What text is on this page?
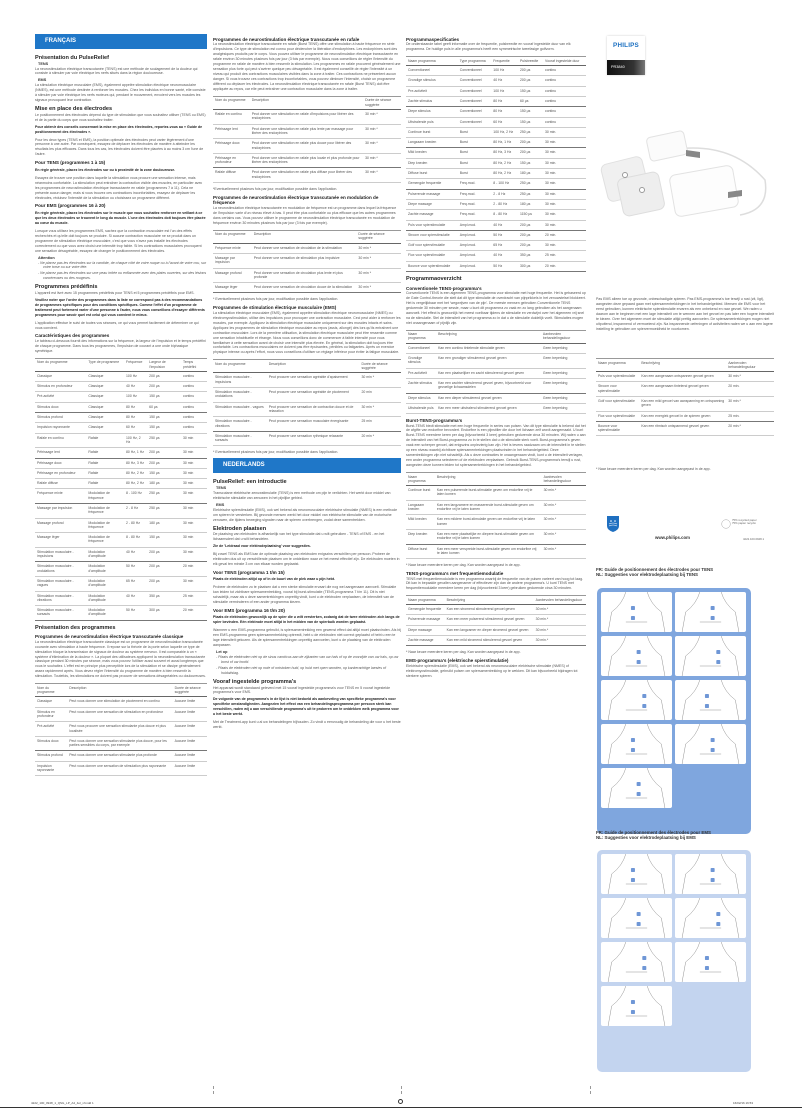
FRANÇAIS
Présentation du PulseRelief
TENS
La neurostimulation électrique transcutanée (TENS) est une méthode de soulagement de la douleur qui consiste à stimuler par voie électrique les nerfs situés dans la région douloureuse.
EMS
La stimulation électrique musculaire (EMS), également appelée stimulation électrique neuromusculaire (NMES), est une méthode destinée à renforcer les muscles. Chez les individus en bonne santé, elle consiste à stimuler par voie électrique les nerfs moteurs qui, pendant le mouvement, envoient vers les muscles les signaux provoquant leur contraction.
Mise en place des électrodes
Le positionnement des électrodes dépend du type de stimulation que vous souhaitez utiliser (TENS ou EMS) et de la partie du corps que vous souhaitez traiter.
Pour obtenir des conseils concernant la mise en place des électrodes, reportez-vous au « Guide de positionnement des électrodes ».
Pour les deux types (TENS et EMS), la position optimale des électrodes peut varier légèrement d'une personne à une autre. Par conséquent, essayez de déplacer les électrodes de manière à atteindre les résultats les plus efficaces. Dans tous les cas, les électrodes doivent être placées à au moins 3 cm l'une de l'autre.
Pour TENS (programmes 1 à 15)
En règle générale, placez les électrodes sur ou à proximité de la zone douloureuse.
Essayez de trouver une position dans laquelle la stimulation vous procure une sensation intense, mais néanmoins confortable. La stimulation peut entraîner la contraction visible des muscles, en particulier avec les programmes de neurostimulation électrique transcutanée en rafale (programmes 7 à 11). Cela ne présente aucun danger, mais si vous trouvez ces contractions inconfortables, essayez de déplacer les électrodes, réduisez l'intensité de la stimulation ou choisissez un programme différent.
Pour EMS (programmes 16 à 20)
En règle générale, placez les électrodes sur le muscle que vous souhaitez renforcer en veillant à ce que les deux électrodes se trouvent le long du muscle. L'une des électrodes doit toujours être placée au cœur du muscle.
Lorsque vous utilisez les programmes EMS, sachez que la contraction musculaire est l'un des effets recherchés et qu'elle doit toujours se produire. Si aucune contraction musculaire ne se produit dans un programme de stimulation électrique musculaire, c'est que vous n'avez pas installé les électrodes correctement ou que vous avez choisi une intensité trop faible. Si les contractions musculaires provoquent une sensation désagréable, essayez de changer le positionnement des électrodes.
Attention
- Ne placez pas les électrodes sur la carotide, de chaque côté de votre nuque ou à l'avant de votre cou, sur votre torse ou sur votre tête.
- Ne placez pas les électrodes sur une peau irritée ou enflammée avec des plaies ouvertes, sur des lésions cancéreuses ou des rougeurs.
Programmes prédéfinis
L'appareil est livré avec 15 programmes prédéfinis pour TENS et 5 programmes prédéfinis pour EMS.
Veuillez noter que l'ordre des programmes dans la liste ne correspond pas à des recommandations de programmes spécifiques pour des conditions spécifiques. Comme l'effet d'un programme de traitement peut fortement varier d'une personne à l'autre, nous vous conseillons d'essayer différents programmes pour savoir quel est celui qui vous convient le mieux.
L'application effectue le suivi de toutes vos séances, ce qui vous permet facilement de déterminer ce qui vous convient.
Caractéristiques des programmes
Le tableau ci-dessous fournit des informations sur la fréquence, la largeur de l'impulsion et le temps prédéfini de chaque programme. Dans tous les programmes, l'impulsion de courant a une onde biphasique symétrique.
Nom du programme	Type de programme	Fréquence	Largeur de l'impulsion	Temps prédéfini
Classique	Classique	100 Hz	200 µs	continu
Stimulus en profondeur	Classique	40 Hz	200 µs	continu
Pré-activité	Classique	100 Hz	150 µs	continu
Stimulus doux	Classique	80 Hz	60 µs	continu
Stimulus profond	Classique	80 Hz	150 µs	continu
Impulsion rayonnante	Classique	60 Hz	150 µs	continu
Rafale en continu	Rafale	100 Hz, 2 Hz	250 µs	30 min
Pétrissage lent	Rafale	80 Hz, 1 Hz	200 µs	30 min
Pétrissage doux	Rafale	80 Hz, 3 Hz	200 µs	30 min
Pétrissage en profondeur	Rafale	80 Hz, 2 Hz	150 µs	30 min
Rafale diffuse	Rafale	80 Hz, 2 Hz	180 µs	30 min
Fréquence mixte	Modulation de fréquence	8 - 100 Hz	250 µs	30 min
Massage par impulsion	Modulation de fréquence	2 - 8 Hz	250 µs	30 min
Massage profond	Modulation de fréquence	2 - 80 Hz	180 µs	30 min
Massage léger	Modulation de fréquence	8 - 80 Hz	150 µs	30 min
Stimulation musculaire - impulsions	Modulation d'amplitude	40 Hz	200 µs	30 min
Stimulation musculaire - ondulations	Modulation d'amplitude	50 Hz	200 µs	20 min
Stimulation musculaire - vagues	Modulation d'amplitude	65 Hz	200 µs	30 min
Stimulation musculaire - vibrations	Modulation d'amplitude	40 Hz	350 µs	25 min
Stimulation musculaire - sursauts	Modulation d'amplitude	50 Hz	300 µs	20 min
Présentation des programmes
Programmes de neurostimulation électrique transcutanée classique
La neurostimulation électrique transcutanée classique est un programme de neurostimulation transcutanée courante avec stimulation à haute fréquence. Il repose sur la théorie de la porte selon laquelle ce type de stimulation bloque la transmission de signaux de douleur au système nerveux. Il est comparable à un « système d'élimination de la douleur ». La plupart des utilisateurs appliquent la neurostimulation transcutanée classique pendant 30 minutes par séance, mais vous pouvez l'utiliser aussi souvent et aussi longtemps que vous le souhaitez. L'effet est en principe plus perceptible lors de la stimulation et se dissipe généralement assez rapidement après. Vous devez régler l'intensité du programme de manière à bien ressentir la stimulation. Toutefois, les stimulations ne doivent pas procurer de sensations désagréables ou douloureuses.
Nom du programme	Description	Durée de séance suggérée
Classique	Peut vous donner une stimulation de picotement en continu	Aucune limite
Stimulus en profondeur	Peut vous donner une sensation de stimulation en profondeur	Aucune limite
Pré-activité	Peut vous procurer une sensation stimulante plus douce et plus localisée	Aucune limite
Stimulus doux	Peut vous donner une sensation stimulante plus douce, pour les parties sensibles du corps, par exemple	Aucune limite
Stimulus profond	Peut vous donner une sensation stimulante plus profonde	Aucune limite
Impulsion rayonnante	Peut vous donner une sensation de stimulation plus rayonnante	Aucune limite
Programmes de neurostimulation électrique transcutanée en rafale
La neurostimulation électrique transcutanée en rafale (Burst TENS) offre une stimulation à haute fréquence en série d'impulsions. Ce type de stimulation est connu pour déclencher la libération d'endorphines. Les endorphines sont des analgésiques produits par le corps. Vous pouvez utiliser le programme de neurostimulation électrique transcutanée en rafale environ 30 minutes plusieurs fois par jour (3 fois par exemple). Nous vous conseillons de régler l'intensité du programme en rafale de manière à bien ressentir la stimulation. Les programmes en rafale procurent généralement une sensation plus forte qui peut s'avérer quelque peu désagréable. Il est également conseillé de régler l'intensité à un niveau qui produit des contractions musculaires visibles dans la zone à traiter. Ces contractions ne présentent aucun danger. Si vous trouvez ces contractions trop inconfortables, vous pouvez diminuer l'intensité, choisir un programme différent ou déplacer les électrodes. La neurostimulation électrique transcutanée en rafale (Burst TENS) doit être appliquée au repos, car elle peut entraîner une contraction musculaire dans la zone à traiter.
Nom du programme	Description	Durée de séance suggérée
Rafale en continu	Peut donner une stimulation en rafale d'impulsions pour libérer des endorphines	30 min *
Pétrissage lent	Peut donner une stimulation en rafale plus lente par massage pour libérer des endorphines	30 min *
Pétrissage doux	Peut donner une stimulation en rafale plus douce pour libérer des endorphines	30 min *
Pétrissage en profondeur	Peut donner une stimulation en rafale plus locale et plus profonde pour libérer des endorphines	30 min *
Rafale diffuse	Peut donner une stimulation en rafale plus diffuse pour libérer des endorphines	30 min *
*Eventuellement plusieurs fois par jour, modification possible dans l'application.
Programmes de neurostimulation électrique transcutanée en modulation de fréquence
La neurostimulation électrique transcutanée en modulation de fréquence est un programme dans lequel la fréquence de l'impulsion varie d'un niveau élevé à bas. Il peut être plus confortable ou plus efficace que les autres programmes dans certains cas. Vous pouvez utiliser le programme de neurostimulation électrique transcutanée en modulation de fréquence environ 30 minutes plusieurs fois par jour (3 fois par exemple).
Nom du programme	Description	Durée de séance suggérée
Fréquence mixte	Peut donner une sensation de circulation de la stimulation	30 min *
Massage par impulsion	Peut donner une sensation de stimulation plus impulsive	30 min *
Massage profond	Peut donner une sensation de circulation plus lente et plus profonde	30 min *
Massage léger	Peut donner une sensation de circulation douce de la stimulation	30 min *
* Eventuellement plusieurs fois par jour, modification possible dans l'application.
Programmes de stimulation électrique musculaire (EMS)
La stimulation électrique musculaire (EMS), également appelée stimulation électrique neuromusculaire (NMES) ou électromyostimulation, utilise des impulsions pour provoquer une contraction musculaire. Ceci peut aider à renforcer les muscles, par exemple. Appliquez la stimulation électrique musculaire uniquement sur des muscles intacts et sains. Appliquez les programmes de stimulation électrique musculaire au repos (assis, allongé) dès lors qu'ils entraînent une contraction musculaire. Lors de la première utilisation, la stimulation électrique musculaire peut être ressentie comme une sensation inhabituelle et étrange. Nous vous conseillons donc de commencer à faible intensité pour vous familiariser à cette sensation avant de choisir une intensité plus élevée. En général, la stimulation doit toujours être confortable. Les contractions musculaires ne doivent pas être épuisantes, pénibles ou fatigantes. Après un exercice physique intense ou après l'effort, nous vous conseillons d'utiliser un réglage inférieur pour éviter la fatigue musculaire.
Nom du programme	Description	Durée de séance suggérée
Stimulation musculaire - impulsions	Peut procurer une sensation agréable d'apaisement	30 min *
Stimulation musculaire - ondulations	Peut procurer une sensation agréable de picotement	20 min
Stimulation musculaire - vagues	Peut procurer une sensation de contraction douce et de relaxation	30 min *
Stimulation musculaire - vibrations	Peut procurer une sensation musculaire énergisante	25 min
Stimulation musculaire - sursauts	Peut procurer une sensation rythmique relaxante	20 min *
* Eventuellement plusieurs fois par jour, modification possible dans l'application.
NEDERLANDS
PulseRelief: een introductie
TENS
Transcutane elektrische zenuwstimulatie (TENS) is een methode om pijn te verlichten. Het werkt door middel van elektrische stimulatie van zenuwen in het pijnlijke gebied.
EMS
Elektrische spierstimulatie (EMS), ook wel bekend als neuromusculaire elektrische stimulatie (NMES) is een methode om spieren te versterken. Bij gezonde mensen werkt het door middel van elektrische stimulatie van de motorische zenuwen, die tijdens beweging signalen naar de spieren overbrengen, zodat deze samentrekken.
Elektroden plaatsen
De plaatsing van elektroden is afhankelijk van het type stimulatie dat u wilt gebruiken - TENS of EMS - en het lichaamsdeel dat u wilt behandelen.
Zie de 'Leidraad voor elektrodeplaatsing' voor suggesties.
Bij zowel TENS als EMS kan de optimale plaatsing van elektroden enigszins verschillen per persoon. Probeer de elektroden dus uit op verschillende plaatsen om te ontdekken waar ze het meest effectief zijn. De elektroden moeten in elk geval ten minste 3 cm van elkaar worden geplaatst.
Voor TENS (programma 1 t/m 15)
Plaats de elektroden altijd op of in de buurt van de plek waar u pijn hebt.
Probeer de elektroden zo te plaatsen dat u een sterke stimulatie ervaart die nog wel aangenaam aanvoelt. Stimulatie kan leiden tot zichtbare spiersamentrekking, vooral bij burst-stimulatie (TENS-programma 7 t/m 11). Dit is niet schadelijk, maar als u deze samentrekkingen onprettig vindt, kunt u de elektroden verplaatsen, de intensiteit van de stimulatie verminderen of een ander programma kiezen.
Voor EMS (programma 16 t/m 20)
Plaats de elektroden gewoonlijk op de spier die u wilt versterken, zodanig dat de twee elektroden zich langs de spier bevinden. Eén elektrode moet altijd in het midden van de spierbuik worden geplaatst.
Wanneer u een EMS-programma gebruikt, is spiersamentrekking een gewenst effect dat altijd moet plaatsvinden. Als bij een EMS-programma geen spiersamentrekking optreedt, hebt u de elektroden niet correct geplaatst of hebt u een te lage intensiteit gekozen. Als de spiersamentrekkingen onprettig aanvoelen, kunt u de plaatsing van de elektroden aanpassen.
Let op
- Plaats de elektroden niet op de sinus caroticus aan de zijkanten van uw hals of op de voorzijde van uw hals, op uw borst of uw hoofd.
- Plaats de elektroden niet op rode of ontstoken huid, op huid met open wonden, op kankerachtige laesies of huiduitslag.
Vooraf ingestelde programma's
Het apparaat wordt standaard geleverd met 15 vooraf ingestelde programma's voor TENS en 5 vooraf ingestelde programma's voor EMS.
De volgorde van de programma's in de lijst is niet bedoeld als aanbeveling van specifieke programma's voor specifieke omstandigheden. Aangezien het effect van een behandelingsprogramma per persoon sterk kan verschillen, raden wij u aan verschillende programma's uit te proberen om te ontdekken welk programma voor u het beste werkt.
Met de Treatment-app kunt u al uw behandelingen bijhouden. Zo vindt u eenvoudig de behandeling die voor u het beste werkt.
Programmaspecificaties
De onderstaande tabel geeft informatie over de frequentie, pulsbreedte en vooraf ingestelde duur van elk programma. De huidige puls in alle programma's heeft een symmetrische tweefasige golfvorm.
Naam programma	Type programma	Frequentie	Pulsbreedte	Vooraf ingestelde duur
Conventioneel	Conventioneel	100 Hz	200 µs	continu
Grondige stimulus	Conventioneel	40 Hz	200 µs	continu
Pre-activiteit	Conventioneel	100 Hz	150 µs	continu
Zachte stimulus	Conventioneel	80 Hz	60 µs	continu
Diepe stimulus	Conventioneel	80 Hz	150 µs	continu
Uitstralende puls	Conventioneel	60 Hz	150 µs	continu
Continue burst	Burst	100 Hz, 2 Hz	250 µs	30 min.
Langzaam kneden	Burst	80 Hz, 1 Hz	200 µs	30 min.
Mild kneden	Burst	80 Hz, 3 Hz	200 µs	30 min.
Diep kneden	Burst	80 Hz, 2 Hz	150 µs	30 min.
Diffuse burst	Burst	80 Hz, 2 Hz	180 µs	30 min.
Gemengde frequentie	Freq.mod.	8 - 100 Hz	250 µs	30 min.
Pulserende massage	Freq.mod.	2 - 8 Hz	250 µs	30 min.
Diepe massage	Freq.mod.	2 - 80 Hz	180 µs	30 min.
Zachte massage	Freq.mod.	8 - 80 Hz	1150 µs	30 min.
Puls voor spierstimulatie	Ampl.mod.	40 Hz	200 µs	30 min.
Stroom voor spierstimulatie	Ampl.mod.	50 Hz	200 µs	20 min.
Golf voor spierstimulatie	Ampl.mod.	65 Hz	200 µs	30 min.
Flux voor spierstimulatie	Ampl.mod.	40 Hz	350 µs	25 min.
Bounce voor spierstimulatie	Ampl.mod.	50 Hz	300 µs	20 min.
Programmaoverzicht
Conventionele TENS-programma's
Conventionele TENS is een algemeen TENS-programma voor stimulatie met hoge frequentie. Het is gebaseerd op de Gate Control-theorie die stelt dat dit type stimulatie de overdracht van pijnprikkels in het zenuwstelsel blokkeert. Het is vergelijkbaar met het 'wegwrijven van de pijn'. De meeste mensen gebruiken Conventionele TENS gedurende 30 minuten per sessie, maar u kunt dit programma zo vaak en zo lang gebruiken als het aangenaam aanvoelt. Het effect is gewoonlijk het meest voelbaar tijdens de stimulatie en verdwijnt over het algemeen vrij snel na de stimulatie. Stel de intensiteit van het programma zo in dat u de stimulatie duidelijk voelt. Stimulaties mogen niet onaangenaam of pijnlijk zijn.
Naam programma	Beschrijving	Aanbevolen behandelingsduur
Conventioneel	Kan een continu tintelende stimulatie geven	Geen beperking
Grondige stimulus	Kan een grondiger stimulerend gevoel geven	Geen beperking
Pre-activiteit	Kan een plaatselijker en zacht stimulerend gevoel geven	Geen beperking
Zachte stimulus	Kan een zachter stimulerend gevoel geven, bijvoorbeeld voor gevoelige lichaamsdelen	Geen beperking
Diepe stimulus	Kan een dieper stimulerend gevoel geven	Geen beperking
Uitstralende puls	Kan een meer uitstralend stimulerend gevoel geven	Geen beperking
Burst-TENS-programma's
Burst-TENS biedt stimulatie met een hoge frequentie in series van pulsen. Van dit type stimulatie is bekend dat het de afgifte van endorfine bevordert. Endorfine is een pijnstiller die door het lichaam zelf wordt aangemaakt. U kunt Burst-TENS meerdere keren per dag (bijvoorbeeld 3 keer) gebruiken gedurende circa 30 minuten. Wij raden u aan de intensiteit van het Burst-programma zo in te stellen dat u de stimulatie sterk voelt. Burst-programma's geven vaak een scherper gevoel, dat enigszins onplezierig kan zijn. Het is tevens raadzaam om de intensiteit in te stellen op een niveau waarbij zichtbare spiersamentrekkingen plaatsvinden in het behandelgebied. Deze samentrekkingen zijn niet schadelijk. Als u deze contracties te onaangenaam vindt, kunt u de intensiteit verlagen, een ander programma selecteren of de elektroden verplaatsen. Gebruik Burst-TENS-programma's terwijl u rust, aangezien deze kunnen leiden tot spiersamentrekkingen in het behandelgebied.
Naam programma	Beschrijving	Aanbevolen behandelingsduur
Continue burst	Kan een pulserende burst-stimulatie geven om endorfine vrij te laten komen	30 min.*
Langzaam kneden	Kan een langzamere en masserende burst-stimulatie geven om endorfine vrij te laten komen	30 min.*
Mild kneden	Kan een mildere burst-stimulatie geven om endorfine vrij te laten komen	30 min.*
Diep kneden	Kan een meer plaatselijke en diepere burst-stimulatie geven om endorfine vrij te laten komen	30 min.*
Diffuse burst	Kan een meer verspreide burst-stimulatie geven om endorfine vrij te laten komen	30 min.*
* Naar keuze meerdere keren per dag. Kan worden aangepast in de app.
TENS-programma's met frequentiemodulatie
TENS met frequentiemodulatie is een programma waarbij de frequentie van de pulsen varieert van hoog tot laag. Dit kan in bepaalde gevallen aangenamer of effectiever zijn dan de andere programma's. U kunt TENS met frequentiemodulatie meerdere keren per dag (bijvoorbeeld 3 keer) gebruiken gedurende circa 30 minuten.
Naam programma	Beschrijving	Aanbevolen behandelingsduur
Gemengde frequentie	Kan een stromend stimulerend gevoel geven	30 min.*
Pulserende massage	Kan een meer pulserend stimulerend gevoel geven	30 min.*
Diepe massage	Kan een langzamer en dieper stromend gevoel geven	30 min.*
Zachte massage	Kan een mild stromend stimulerend gevoel geven	30 min.*
* Naar keuze meerdere keren per dag. Kan worden aangepast in de app.
EMS-programma's (elektrische spierstimulatie)
Elektrische spierstimulatie (EMS), ook wel bekend als neuromusculaire elektrische stimulatie (NMES) of elektromyostimulatie, gebruikt pulsen om spiersamentrekking op te wekken. Dit kan bijvoorbeeld bijdragen tot sterkere spieren.
PHILIPS
PR3840
Pas EMS alleen toe op gezonde, onbeschadigde spieren. Pas EMS-programma's toe terwijl u rust (zit, ligt), aangezien deze gepaard gaan met spiersamentrekkingen in het behandelgebied. Mensen die EMS voor het eerst gebruiken, kunnen elektrische spierstimulatie ervaren als een onbekend en raar gevoel. We raden u daarom aan te beginnen met een lage intensiteit om te wennen aan het gevoel en pas later een hogere intensiteit te kiezen. Over het algemeen moet de stimulatie altijd prettig aanvoelen. De spiersamentrekkingen mogen niet uitputtend, inspannend of vermoeiend zijn. Na inspannende oefeningen of activiteiten raden we u aan een lagere instelling te gebruiken om spiervermoeidheid te voorkomen.
Naam programma	Beschrijving	Aanbevolen behandelingsduur
Puls voor spierstimulatie	Kan een aangenaam ontspannen gevoel geven	30 min.*
Stroom voor spierstimulatie	Kan een aangenaam tintelend gevoel geven	20 min.
Golf voor spierstimulatie	Kan een mild gevoel van aanspanning en ontspanning geven	30 min.*
Flux voor spierstimulatie	Kan een energiek gevoel in de spieren geven	25 min.
Bounce voor spierstimulatie	Kan een ritmisch ontspannend gevoel geven	20 min.*
* Naar keuze meerdere keren per dag. Kan worden aangepast in de app.
www.philips.com
75% recycled paper
75% papier recyclé
4222.100.0948.1
FR: Guide de positionnement des électrodes pour TENS
NL: Suggesties voor elektrodeplaatsing bij TENS
FR: Guide de positionnement des électrodes pour EMS
NL: Suggesties voor elektrodeplaatsing bij EMS
4222_100_0948_1_QSG_LP_A4_4ol_vf.indd 1	16/02/16 16:53
